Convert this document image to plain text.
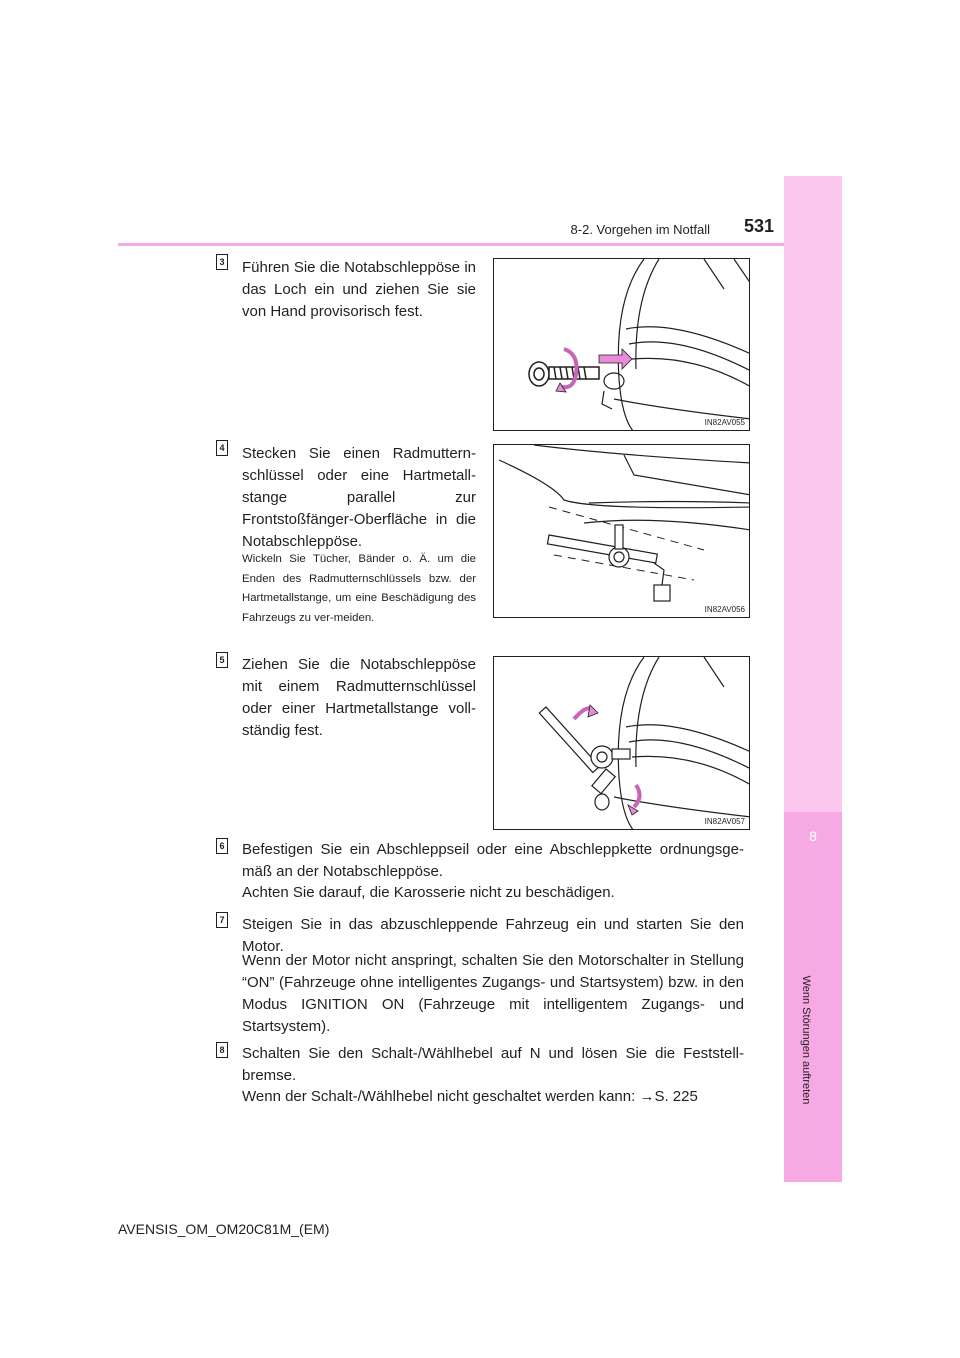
8
Wenn Störungen auftreten
8-2. Vorgehen im Notfall	531
3 Führen Sie die Notabschleppöse in das Loch ein und ziehen Sie sie von Hand provisorisch fest.
IN82AV055
4 Stecken Sie einen Radmuttern-schlüssel oder eine Hartmetall-stange parallel zur Frontstoßfänger-Oberfläche in die Notabschleppöse.
Wickeln Sie Tücher, Bänder o. Ä. um die Enden des Radmutternschlüssels bzw. der Hartmetallstange, um eine Beschädigung des Fahrzeugs zu ver-meiden.
IN82AV056
5 Ziehen Sie die Notabschleppöse mit einem Radmutternschlüssel oder einer Hartmetallstange voll-ständig fest.
IN82AV057
6 Befestigen Sie ein Abschleppseil oder eine Abschleppkette ordnungsge-mäß an der Notabschleppöse.
Achten Sie darauf, die Karosserie nicht zu beschädigen.
7 Steigen Sie in das abzuschleppende Fahrzeug ein und starten Sie den Motor.
Wenn der Motor nicht anspringt, schalten Sie den Motorschalter in Stellung “ON” (Fahrzeuge ohne intelligentes Zugangs- und Startsystem) bzw. in den Modus IGNITION ON (Fahrzeuge mit intelligentem Zugangs- und Startsystem).
8 Schalten Sie den Schalt-/Wählhebel auf N und lösen Sie die Feststell-bremse.
Wenn der Schalt-/Wählhebel nicht geschaltet werden kann: →S. 225
AVENSIS_OM_OM20C81M_(EM)
